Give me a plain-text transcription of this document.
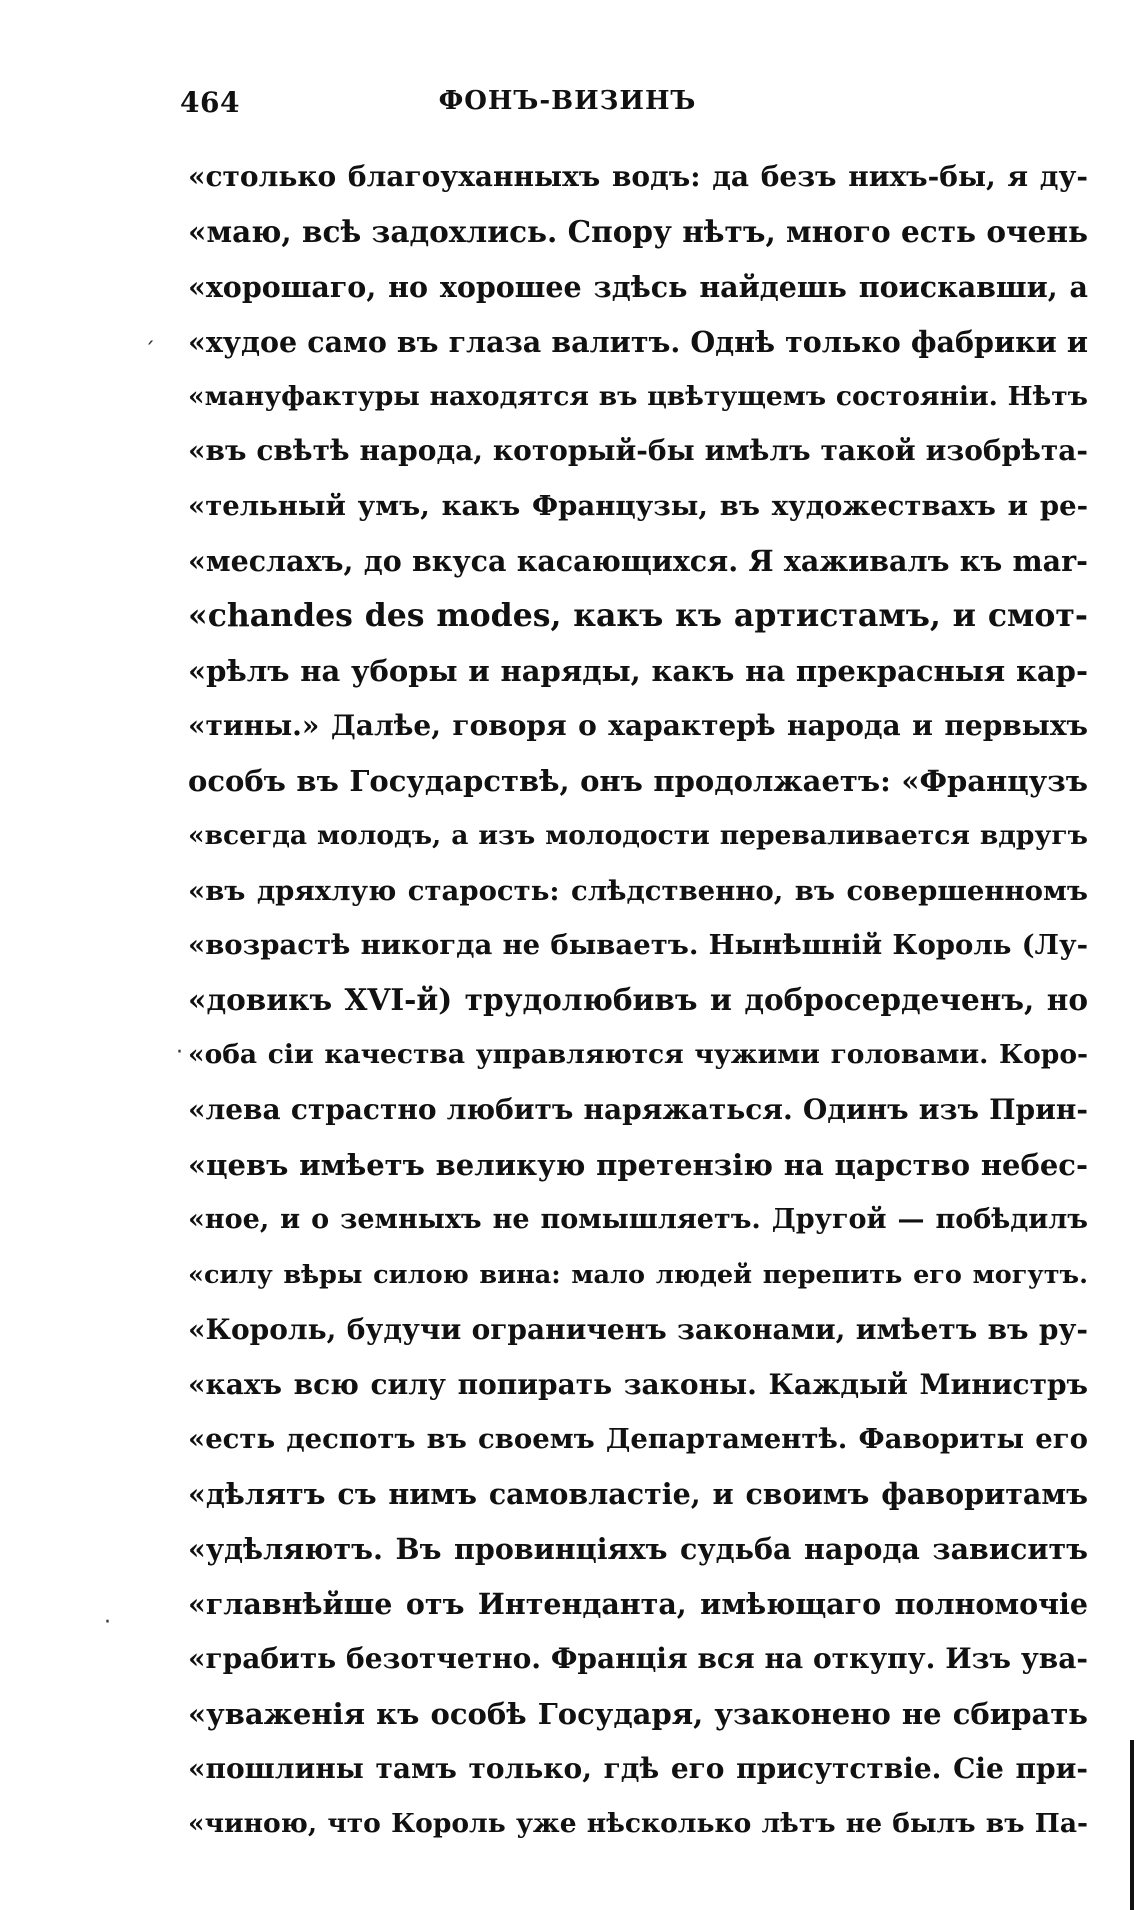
464	ФОНЪ-ВИЗИНЪ
«столько благоуханныхъ водъ: да безъ нихъ-бы, я ду-
«маю, всѣ задохлись. Спору нѣтъ, много есть очень
«хорошаго, но хорошее здѣсь найдешь поискавши, а
«худое само въ глаза валитъ. Однѣ только фабрики и
«мануфактуры находятся въ цвѣтущемъ состояніи. Нѣтъ
«въ свѣтѣ народа, который-бы имѣлъ такой изобрѣта-
«тельный умъ, какъ Французы, въ художествахъ и ре-
«меслахъ, до вкуса касающихся. Я хаживалъ къ mar-
«chandes des modes, какъ къ артистамъ, и смот-
«рѣлъ на уборы и наряды, какъ на прекрасныя кар-
«тины.» Далѣе, говоря о характерѣ народа и первыхъ
особъ въ Государствѣ, онъ продолжаетъ: «Французъ
«всегда молодъ, а изъ молодости переваливается вдругъ
«въ дряхлую старость: слѣдственно, въ совершенномъ
«возрастѣ никогда не бываетъ. Нынѣшній Король (Лу-
«довикъ XVI-й) трудолюбивъ и добросердеченъ, но
«оба сіи качества управляются чужими головами. Коро-
«лева страстно любитъ наряжаться. Одинъ изъ Прин-
«цевъ имѣетъ великую претензію на царство небес-
«ное, и о земныхъ не помышляетъ. Другой — побѣдилъ
«силу вѣры силою вина: мало людей перепить его могутъ.
«Король, будучи ограниченъ законами, имѣетъ въ ру-
«кахъ всю силу попирать законы. Каждый Министръ
«есть деспотъ въ своемъ Департаментѣ. Фавориты его
«дѣлятъ съ нимъ самовластіе, и своимъ фаворитамъ
«удѣляютъ. Въ провинціяхъ судьба народа зависитъ
«главнѣйше отъ Интенданта, имѣющаго полномочіе
«грабить безотчетно. Франція вся на откупу. Изъ ува-
«уваженія къ особѣ Государя, узаконено не сбирать
«пошлины тамъ только, гдѣ его присутствіе. Сіе при-
«чиною, что Король уже нѣсколько лѣтъ не былъ въ Па-
ˏ
·
·
